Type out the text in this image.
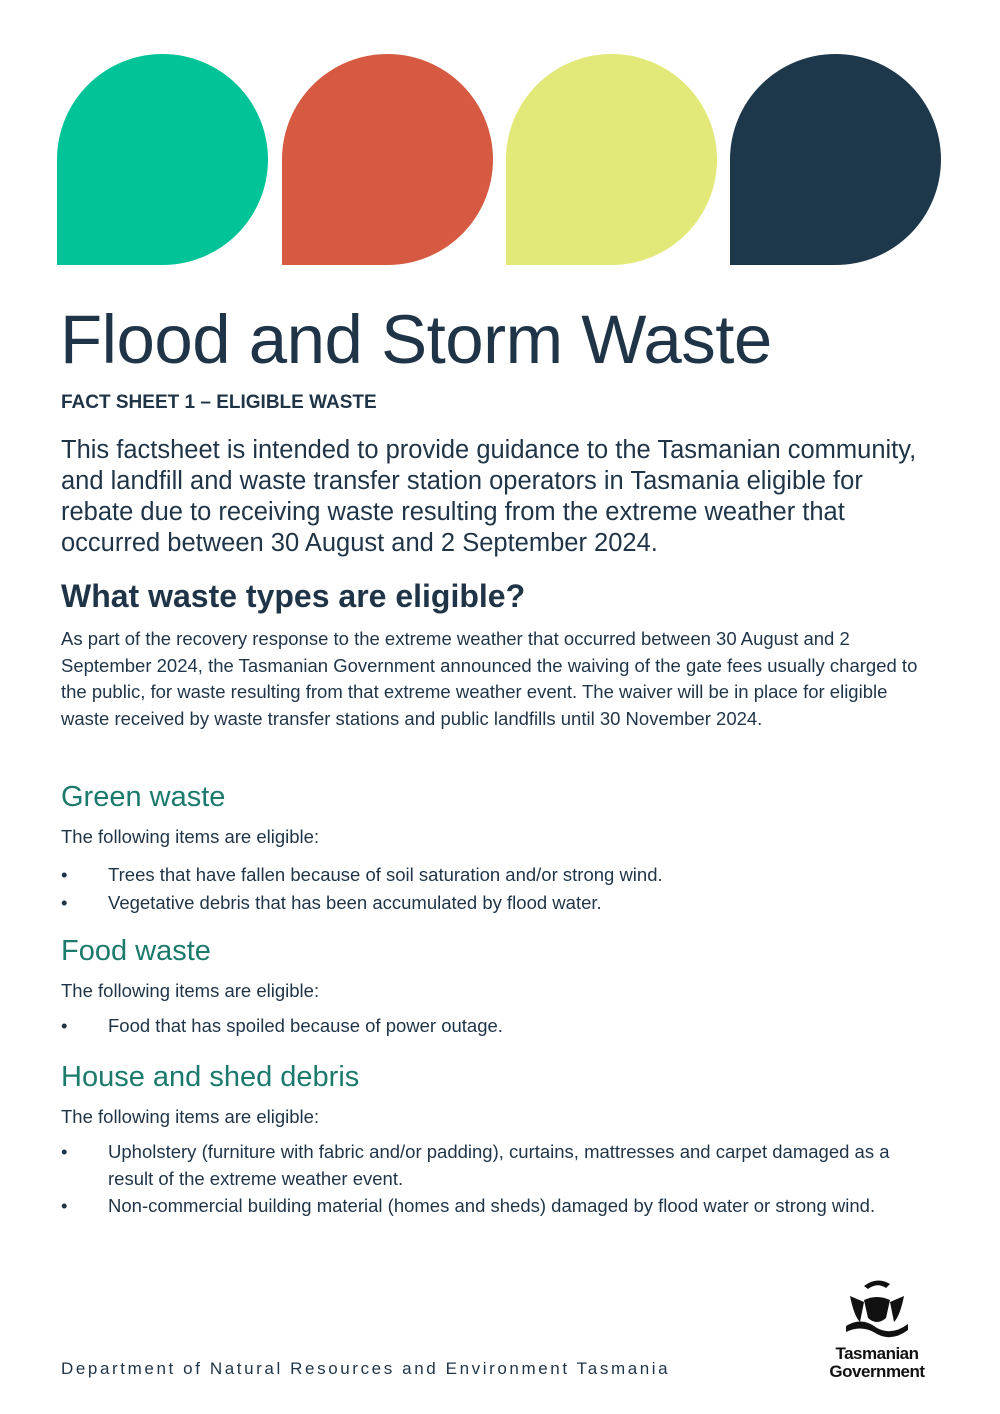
Flood and Storm Waste
FACT SHEET 1 – ELIGIBLE WASTE
This factsheet is intended to provide guidance to the Tasmanian community, and landfill and waste transfer station operators in Tasmania eligible for rebate due to receiving waste resulting from the extreme weather that occurred between 30 August and 2 September 2024.
What waste types are eligible?
As part of the recovery response to the extreme weather that occurred between 30 August and 2 September 2024, the Tasmanian Government announced the waiving of the gate fees usually charged to the public, for waste resulting from that extreme weather event. The waiver will be in place for eligible waste received by waste transfer stations and public landfills until 30 November 2024.
Green waste
The following items are eligible:
• Trees that have fallen because of soil saturation and/or strong wind.
• Vegetative debris that has been accumulated by flood water.
Food waste
The following items are eligible:
• Food that has spoiled because of power outage.
House and shed debris
The following items are eligible:
• Upholstery (furniture with fabric and/or padding), curtains, mattresses and carpet damaged as a result of the extreme weather event.
• Non-commercial building material (homes and sheds) damaged by flood water or strong wind.
Department of Natural Resources and Environment Tasmania
Tasmanian
Government
